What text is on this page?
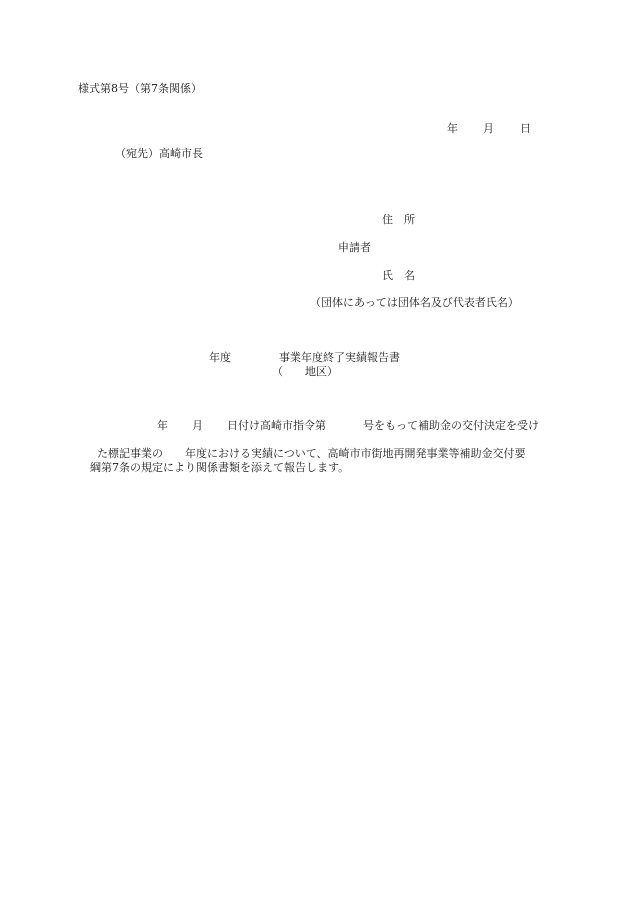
様式第8号（第7条関係）

年 月 日

（宛先）高崎市長
住　所
申請者
氏　名
（団体にあっては団体名及び代表者氏名）

年度	事業年度終了実績報告書

（　　地区）

年 月 日付け高崎市指令第	号をもって補助金の交付決定を受け

た標記事業の 年度における実績について、高崎市市街地再開発事業等補助金交付要

綱第7条の規定により関係書類を添えて報告します。
